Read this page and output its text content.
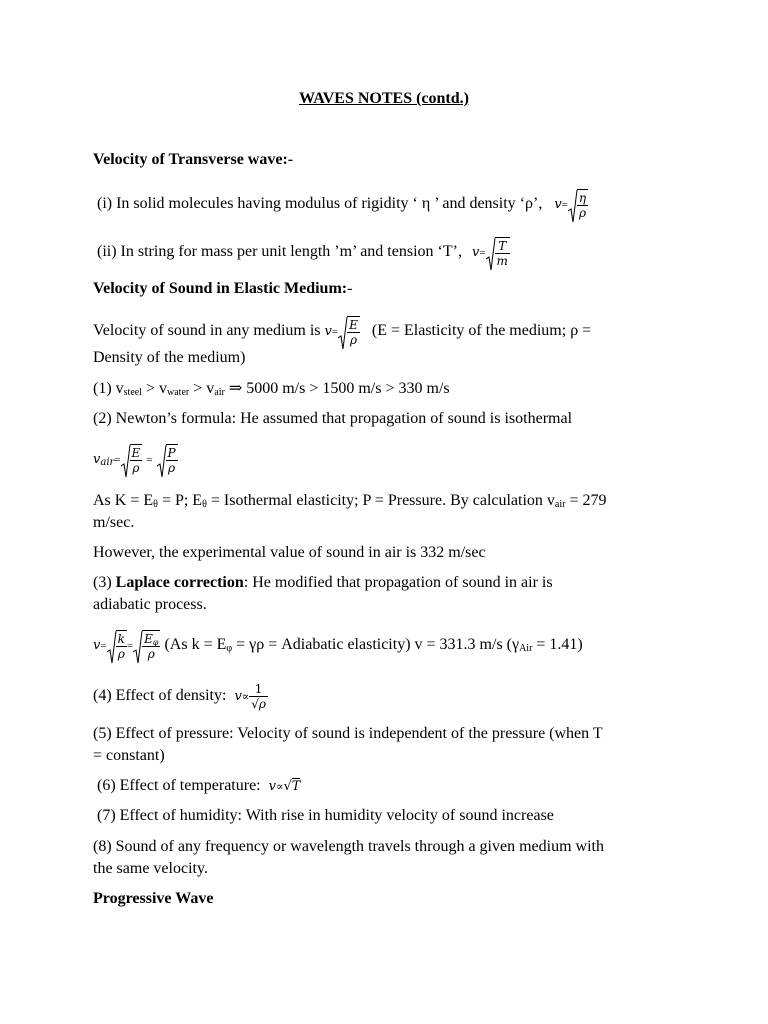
WAVES NOTES (contd.)
Velocity of Transverse wave:-
(i) In solid molecules having modulus of rigidity ‘ η ’ and density ‘ρ’, $v= \frac{\eta}{\rho}$
(ii) In string for mass per unit length ’m’ and tension ‘T’, $v= \frac{T}{m}$
Velocity of Sound in Elastic Medium:-
Velocity of sound in any medium is $v= \frac{E}{\rho} (E$ = Elasticity of the medium; ρ =
Density of the medium)
(1) $v_{steel} > v_{water} > v_{air}$ ⇒ 5000 m/s > 1500 m/s > 330 m/s
(2) Newton’s formula: He assumed that propagation of sound is isothermal
$v_{air}= \frac{E}{\rho} = \frac{P}{\rho}$
As $K = E_\theta = P$; $E_\theta$ = Isothermal elasticity; P = Pressure. By calculation $v_{air} = 279$
m/sec.
However, the experimental value of sound in air is 332 m/sec
(3) Laplace correction: He modified that propagation of sound in air is
adiabatic process.
$v= \frac{k}{\rho} = \frac{E_\varphi}{\rho} (As$ $k = E_\varphi = \gamma\rho$ = Adiabatic elasticity) v = 331.3 m/s $(\gamma_{Air} = 1.41)$
(4) Effect of density: $v\propto \frac{1}{√\rho}$
(5) Effect of pressure: Velocity of sound is independent of the pressure (when T
= constant)
(6) Effect of temperature: v∝√T
(7) Effect of humidity: With rise in humidity velocity of sound increase
(8) Sound of any frequency or wavelength travels through a given medium with
the same velocity.
Progressive Wave
